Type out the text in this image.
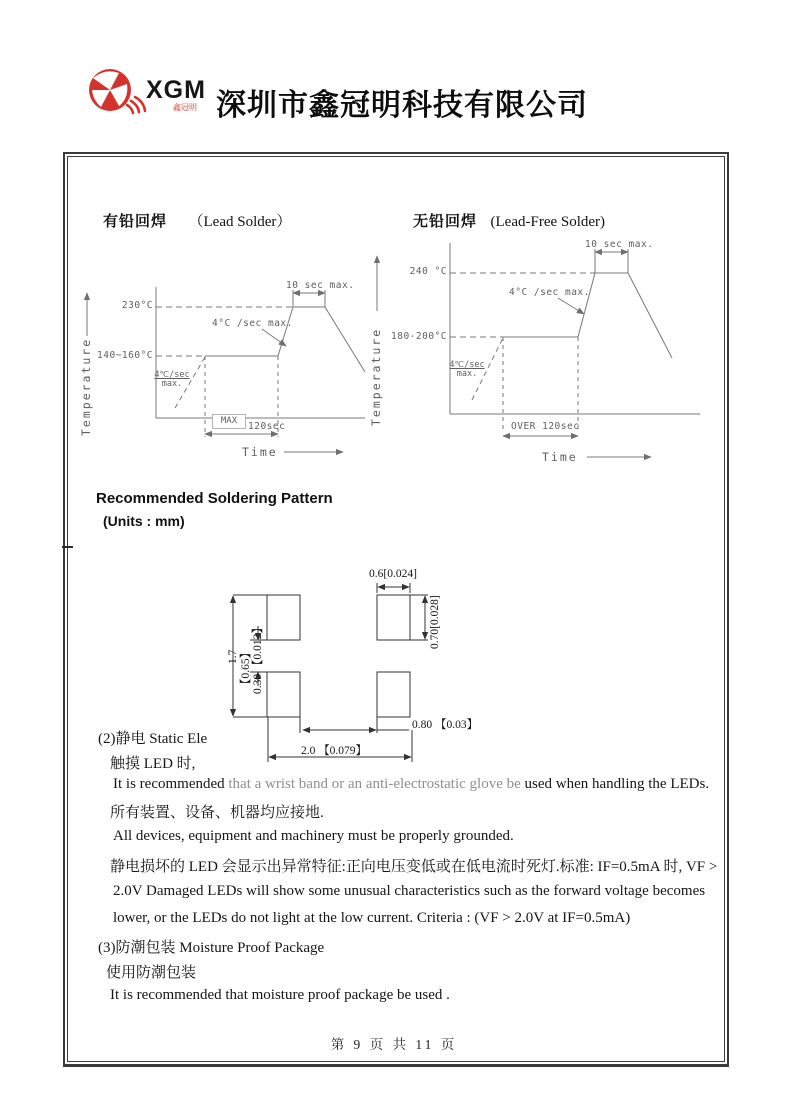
XGM
鑫冠明 深圳市鑫冠明科技有限公司
有铅回焊 （Lead Solder）	无铅回焊 (Lead-Free Solder)
Temperature
230°C
140~160°C
4°C /sec max.
10 sec max.
4℃/sec
max.
MAX	120sec
Time
Temperature
240 °C
180-200°C
4°C /sec max.
10 sec max.
4℃/sec
max.
OVER 120sec
Time
Recommended Soldering Pattern
(Units : mm)
(2)静电 Static Ele
触摸 LED 时,
It is recommended that a wrist band or an anti-electrostatic glove be used when handling the LEDs.
所有装置、设备、机器均应接地.
All devices, equipment and machinery must be properly grounded.
静电损坏的 LED 会显示出异常特征:正向电压变低或在低电流时死灯.标准: IF=0.5mA 时, VF >
2.0V Damaged LEDs will show some unusual characteristics such as the forward voltage becomes
lower, or the LEDs do not light at the low current. Criteria : (VF > 2.0V at IF=0.5mA)
(3)防潮包装 Moisture Proof Package
使用防潮包装
It is recommended that moisture proof package be used .
0.6[0.024]
0.70[0.028]
1.7 【0.65】 0.30 【0.012】
0.80 【0.03】
2.0 【0.079】
第 9 页 共 11 页
